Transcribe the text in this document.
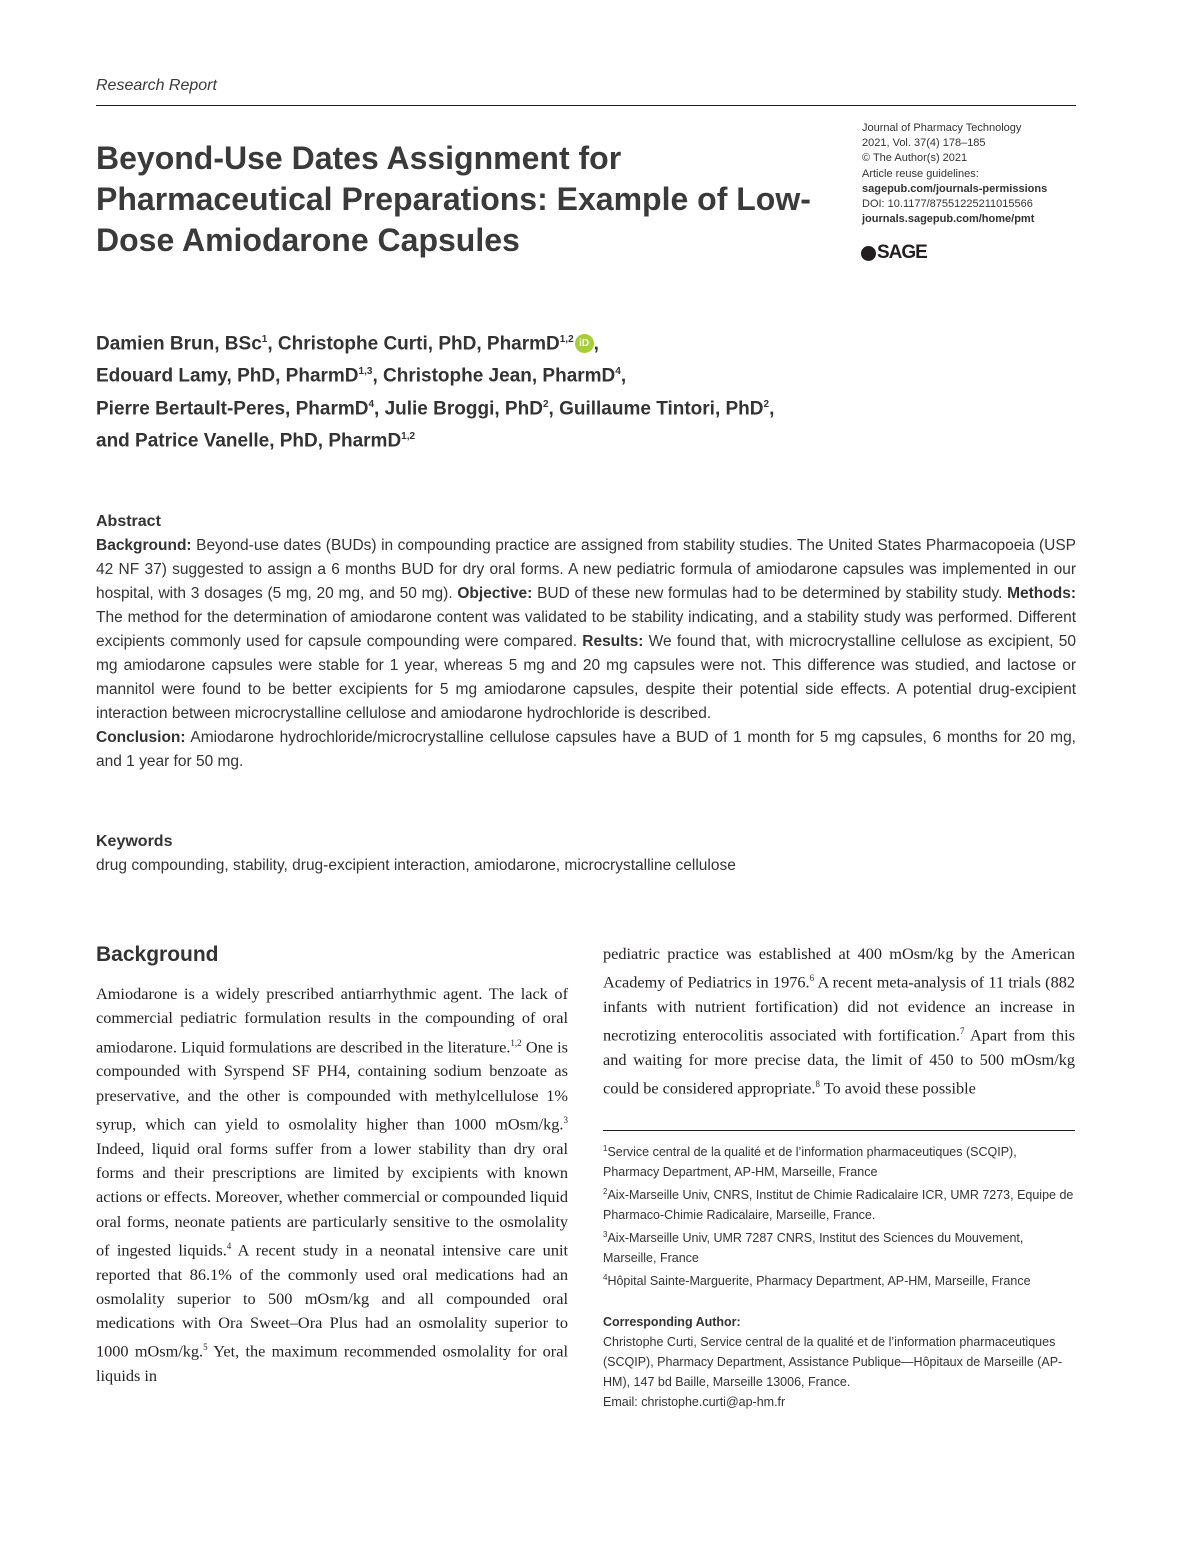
Research Report
Beyond-Use Dates Assignment for Pharmaceutical Preparations: Example of Low-Dose Amiodarone Capsules
Journal of Pharmacy Technology
2021, Vol. 37(4) 178–185
© The Author(s) 2021
Article reuse guidelines:
sagepub.com/journals-permissions
DOI: 10.1177/87551225211015566
journals.sagepub.com/home/pmt
SAGE
Damien Brun, BSc$^1$, Christophe Curti, PhD, PharmD$^{1,2}$ iD ,
Edouard Lamy, PhD, PharmD$^{1,3}$, Christophe Jean, PharmD$^4$,
Pierre Bertault-Peres, PharmD$^4$, Julie Broggi, PhD$^2$, Guillaume Tintori, PhD$^2$,
and Patrice Vanelle, PhD, PharmD$^{1,2}$
Abstract
Background: Beyond-use dates (BUDs) in compounding practice are assigned from stability studies. The United States Pharmacopoeia (USP 42 NF 37) suggested to assign a 6 months BUD for dry oral forms. A new pediatric formula of amiodarone capsules was implemented in our hospital, with 3 dosages (5 mg, 20 mg, and 50 mg). Objective: BUD of these new formulas had to be determined by stability study. Methods: The method for the determination of amiodarone content was validated to be stability indicating, and a stability study was performed. Different excipients commonly used for capsule compounding were compared. Results: We found that, with microcrystalline cellulose as excipient, 50 mg amiodarone capsules were stable for 1 year, whereas 5 mg and 20 mg capsules were not. This difference was studied, and lactose or mannitol were found to be better excipients for 5 mg amiodarone capsules, despite their potential side effects. A potential drug-excipient interaction between microcrystalline cellulose and amiodarone hydrochloride is described.
Conclusion: Amiodarone hydrochloride/microcrystalline cellulose capsules have a BUD of 1 month for 5 mg capsules, 6 months for 20 mg, and 1 year for 50 mg.
Keywords
drug compounding, stability, drug-excipient interaction, amiodarone, microcrystalline cellulose
Background

Amiodarone is a widely prescribed antiarrhythmic agent. The lack of commercial pediatric formulation results in the compounding of oral amiodarone. Liquid formulations are described in the literature.$^{1,2}$ One is compounded with Syrspend SF PH4, containing sodium benzoate as preservative, and the other is compounded with methylcellulose 1% syrup, which can yield to osmolality higher than 1000 mOsm/kg.$^3$ Indeed, liquid oral forms suffer from a lower stability than dry oral forms and their prescriptions are limited by excipients with known actions or effects. Moreover, whether commercial or compounded liquid oral forms, neonate patients are particularly sensitive to the osmolality of ingested liquids.$^4$ A recent study in a neonatal intensive care unit reported that 86.1% of the commonly used oral medications had an osmolality superior to 500 mOsm/kg and all compounded oral medications with Ora Sweet–Ora Plus had an osmolality superior to 1000 mOsm/kg.$^5$ Yet, the maximum recommended osmolality for oral liquids in

pediatric practice was established at 400 mOsm/kg by the American Academy of Pediatrics in 1976.$^6$ A recent meta-analysis of 11 trials (882 infants with nutrient fortification) did not evidence an increase in necrotizing enterocolitis associated with fortification.$^7$ Apart from this and waiting for more precise data, the limit of 450 to 500 mOsm/kg could be considered appropriate.$^8$ To avoid these possible

$^1$Service central de la qualité et de l’information pharmaceutiques (SCQIP), Pharmacy Department, AP-HM, Marseille, France
$^2$Aix-Marseille Univ, CNRS, Institut de Chimie Radicalaire ICR, UMR 7273, Equipe de Pharmaco-Chimie Radicalaire, Marseille, France.
$^3$Aix-Marseille Univ, UMR 7287 CNRS, Institut des Sciences du Mouvement, Marseille, France
$^4$Hôpital Sainte-Marguerite, Pharmacy Department, AP-HM, Marseille, France
Corresponding Author:
Christophe Curti, Service central de la qualité et de l’information pharmaceutiques (SCQIP), Pharmacy Department, Assistance Publique—Hôpitaux de Marseille (AP-HM), 147 bd Baille, Marseille 13006, France.
Email: christophe.curti@ap-hm.fr
